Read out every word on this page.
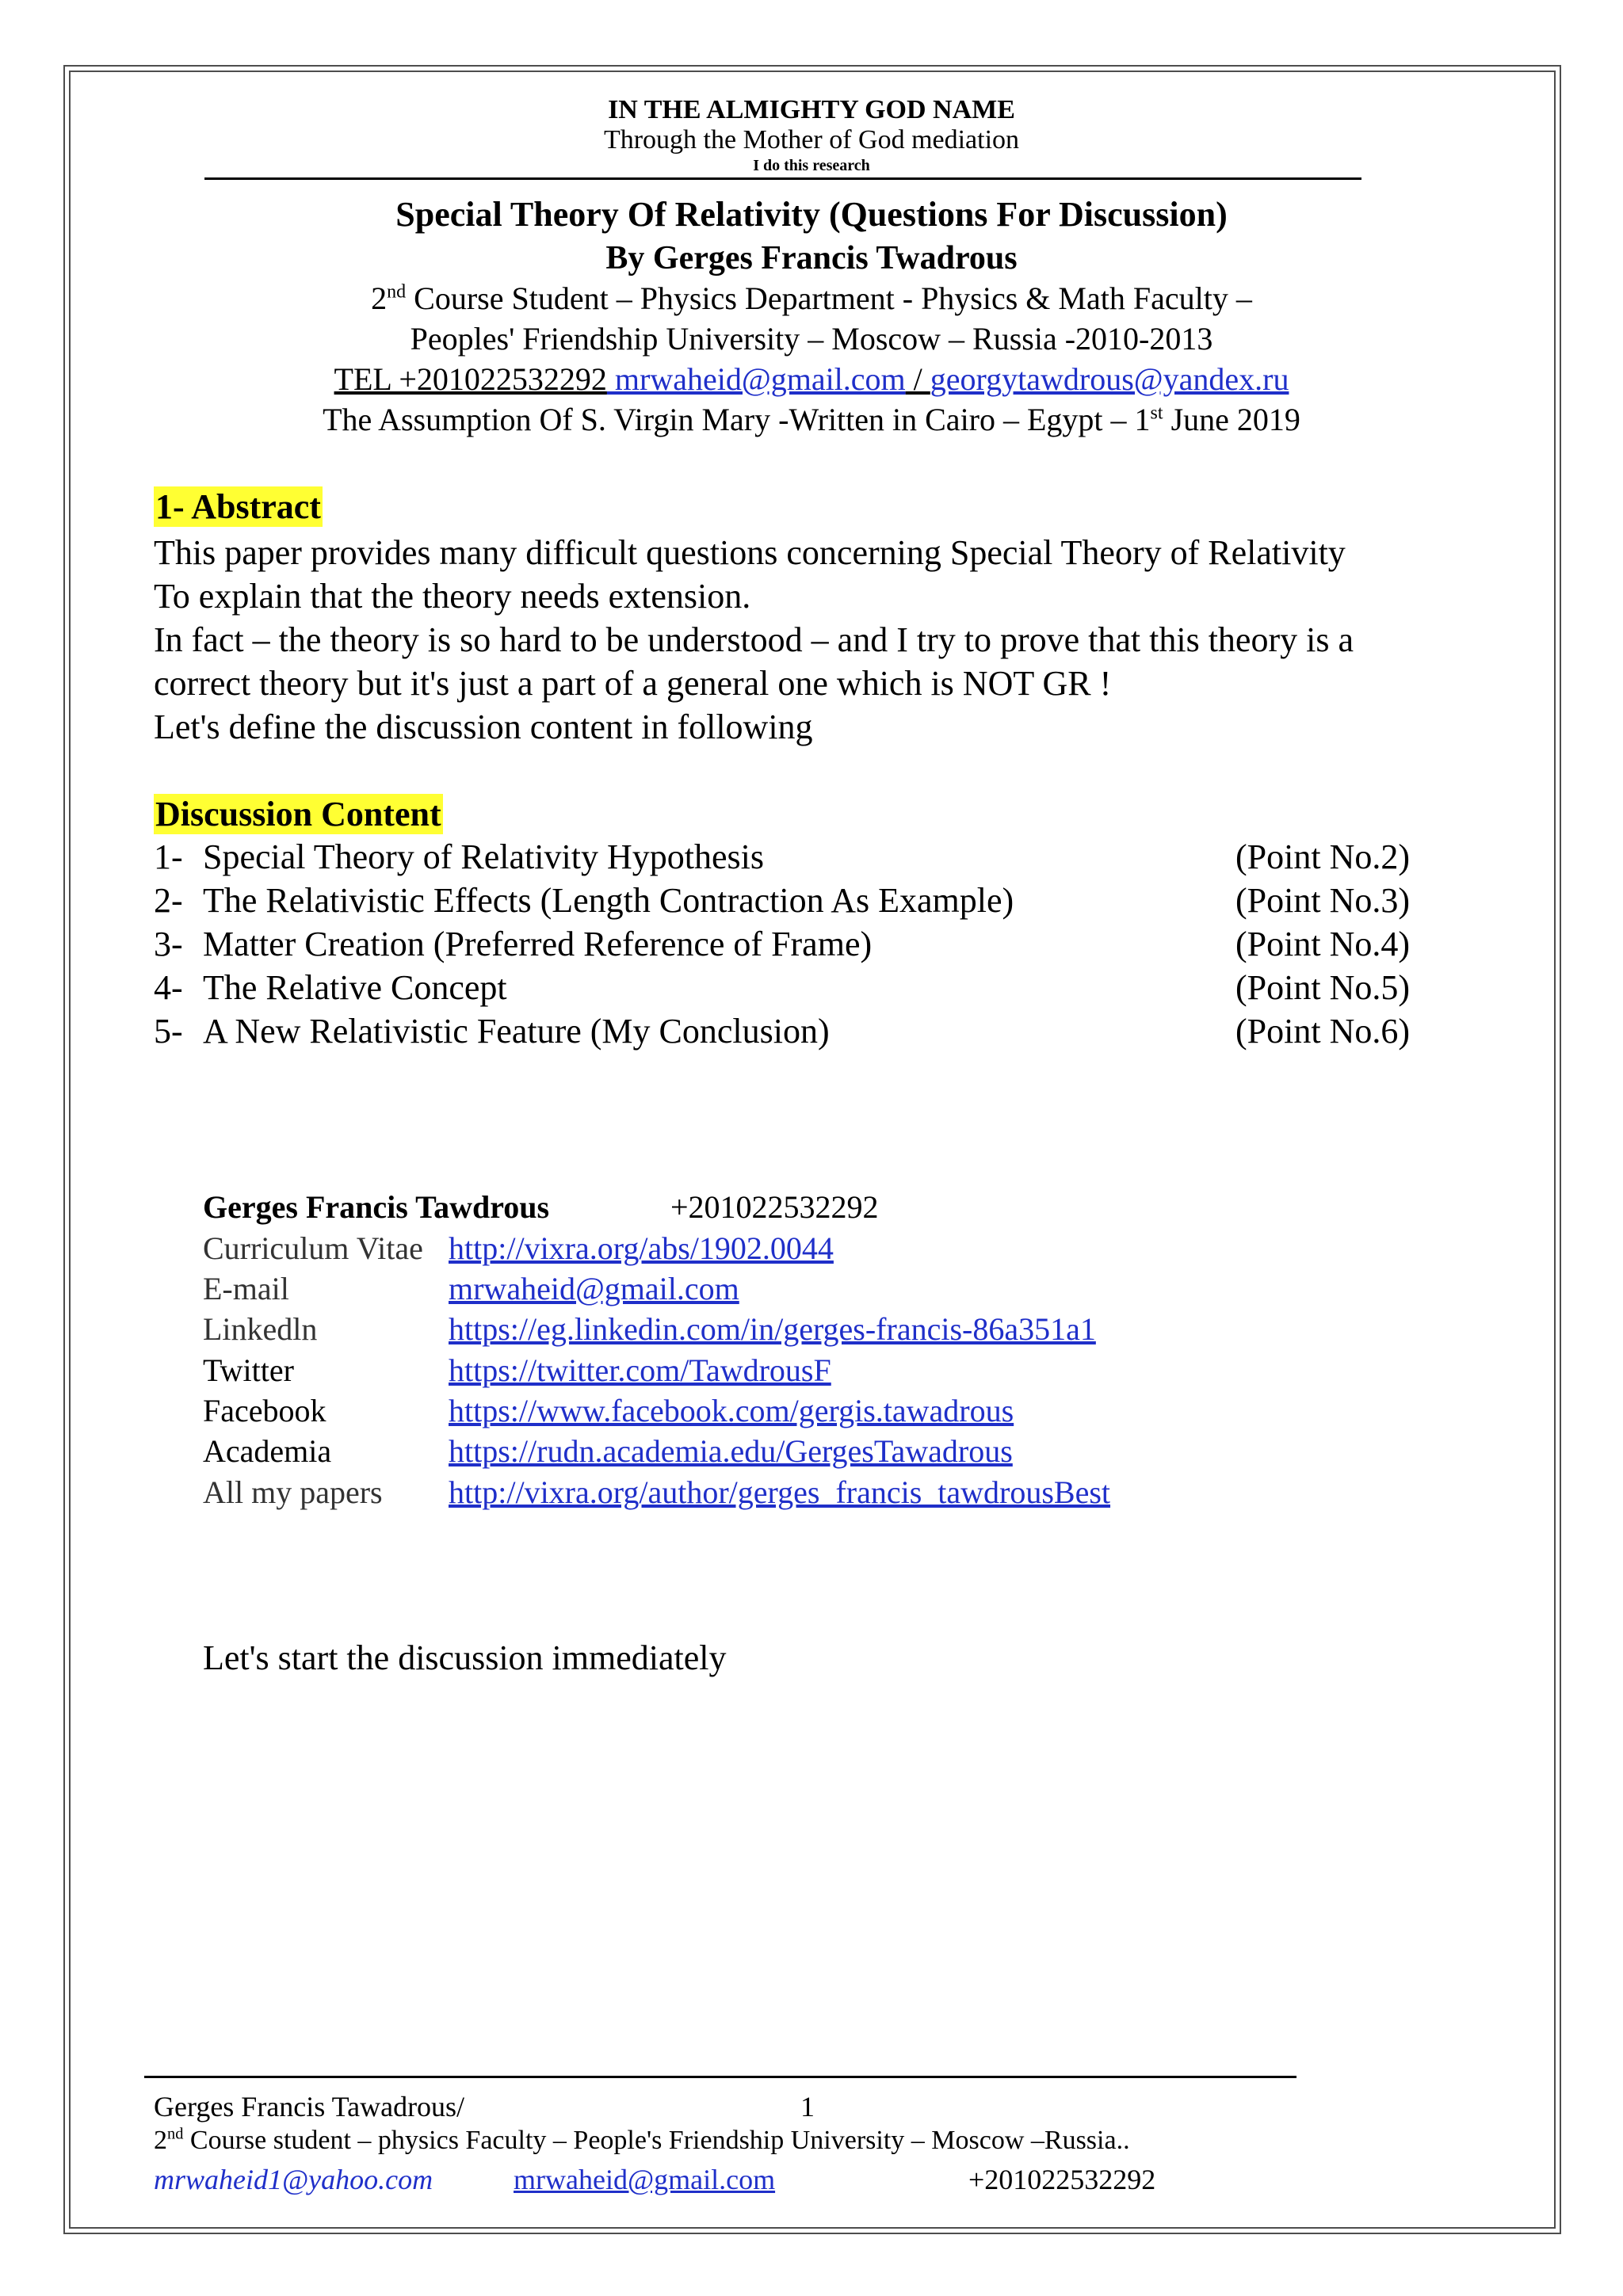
IN THE ALMIGHTY GOD NAME
Through the Mother of God mediation
I do this research
Special Theory Of Relativity (Questions For Discussion)
By Gerges Francis Twadrous
2nd Course Student – Physics Department - Physics & Math Faculty –
Peoples' Friendship University – Moscow – Russia -2010-2013
TEL +201022532292 mrwaheid@gmail.com / georgytawdrous@yandex.ru
The Assumption Of S. Virgin Mary -Written in Cairo – Egypt – 1st June 2019
1- Abstract
This paper provides many difficult questions concerning Special Theory of Relativity
To explain that the theory needs extension.
In fact – the theory is so hard to be understood – and I try to prove that this theory is a
correct theory but it's just a part of a general one which is NOT GR !
Let's define the discussion content in following
Discussion Content
1- Special Theory of Relativity Hypothesis	(Point No.2)
2- The Relativistic Effects (Length Contraction As Example)	(Point No.3)
3- Matter Creation (Preferred Reference of Frame)	(Point No.4)
4- The Relative Concept	(Point No.5)
5- A New Relativistic Feature (My Conclusion)	(Point No.6)
Gerges Francis Tawdrous	+201022532292
Curriculum Vitae http://vixra.org/abs/1902.0044
E-mail	mrwaheid@gmail.com
Linkedln	https://eg.linkedin.com/in/gerges-francis-86a351a1
Twitter	https://twitter.com/TawdrousF
Facebook	https://www.facebook.com/gergis.tawadrous
Academia	https://rudn.academia.edu/GergesTawadrous
All my papers http://vixra.org/author/gerges_francis_tawdrousBest
Let's start the discussion immediately
Gerges Francis Tawadrous/	1
2nd Course student – physics Faculty – People's Friendship University – Moscow –Russia..
mrwaheid1@yahoo.com	mrwaheid@gmail.com	+201022532292
